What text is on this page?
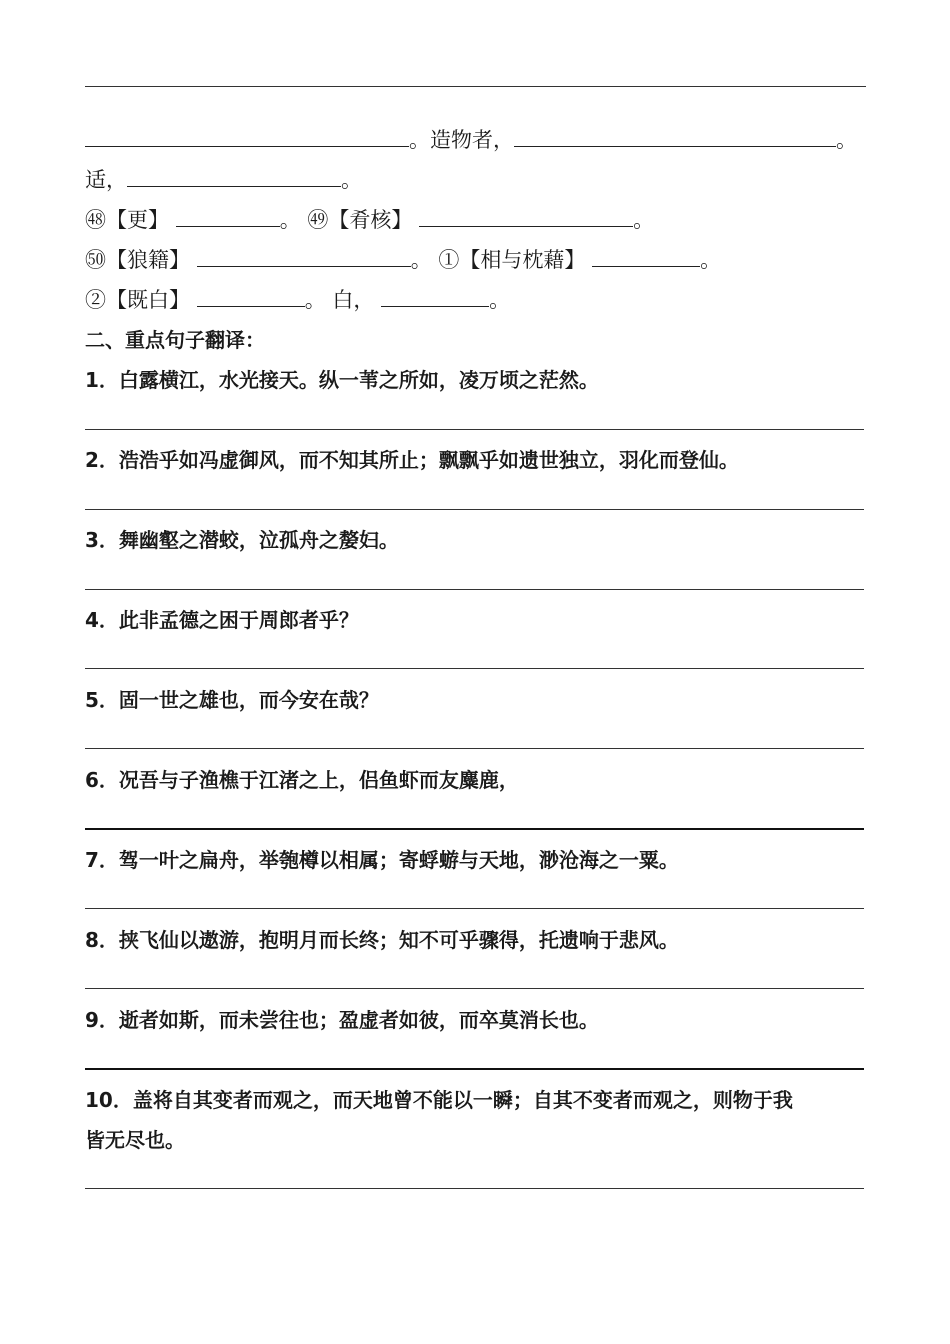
。造物者，	。
适，	。
㊽【更】	。 ㊾【肴核】	。
㊿【狼籍】	。 ①【相与枕藉】	。
②【既白】	。 白，	。
二、重点句子翻译：
1．白露横江，水光接天。纵一苇之所如，凌万顷之茫然。
2．浩浩乎如冯虚御风，而不知其所止；飘飘乎如遗世独立，羽化而登仙。
3．舞幽壑之潜蛟，泣孤舟之嫠妇。
4．此非孟德之困于周郎者乎？
5．固一世之雄也，而今安在哉？
6．况吾与子渔樵于江渚之上，侣鱼虾而友麋鹿，
7．驾一叶之扁舟，举匏樽以相属；寄蜉蝣与天地，渺沧海之一粟。
8．挟飞仙以遨游，抱明月而长终；知不可乎骤得，托遗响于悲风。
9．逝者如斯，而未尝往也；盈虚者如彼，而卒莫消长也。
10．盖将自其变者而观之，而天地曾不能以一瞬；自其不变者而观之，则物于我
皆无尽也。
